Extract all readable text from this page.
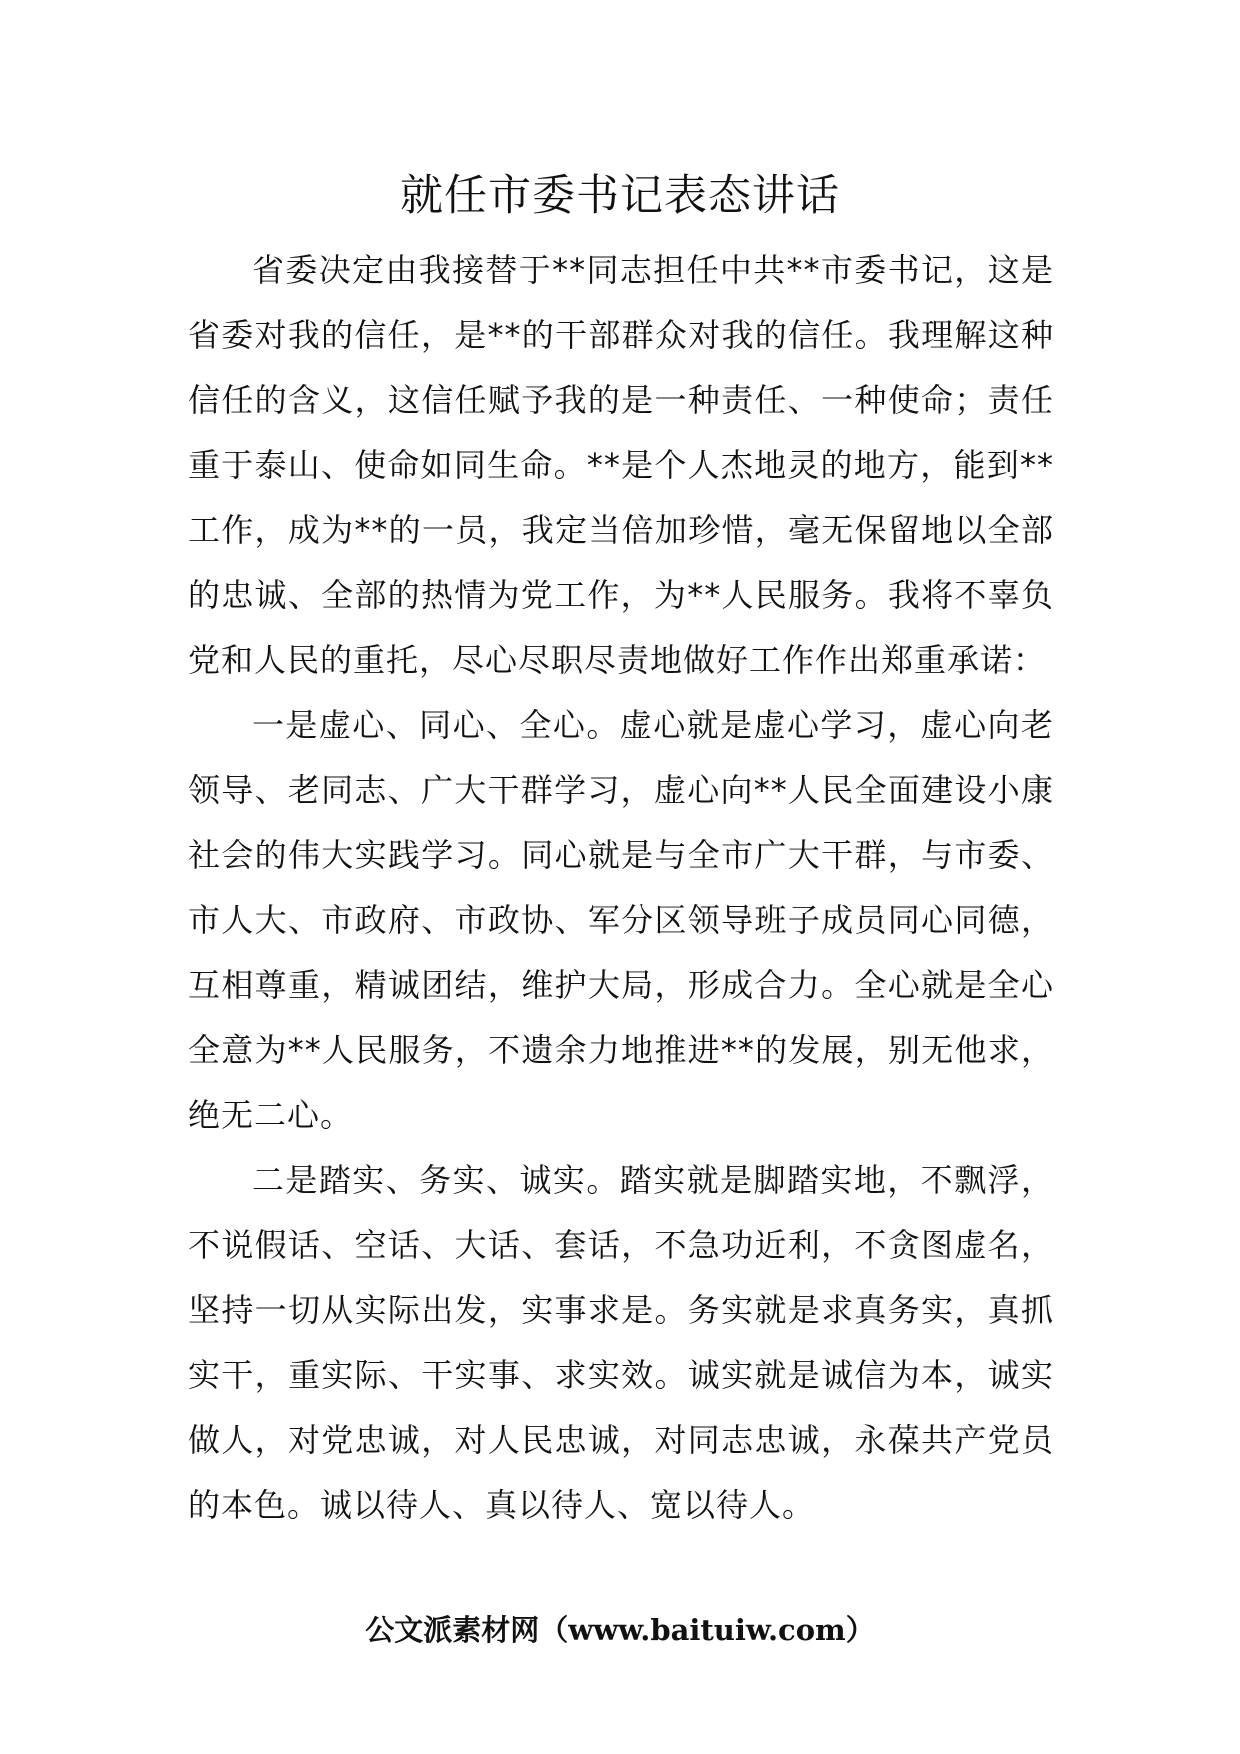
就任市委书记表态讲话

省委决定由我接替于**同志担任中共**市委书记，这是省委对我的信任，是**的干部群众对我的信任。我理解这种信任的含义，这信任赋予我的是一种责任、一种使命；责任重于泰山、使命如同生命。**是个人杰地灵的地方，能到**工作，成为**的一员，我定当倍加珍惜，毫无保留地以全部的忠诚、全部的热情为党工作，为**人民服务。我将不辜负党和人民的重托，尽心尽职尽责地做好工作作出郑重承诺：

一是虚心、同心、全心。虚心就是虚心学习，虚心向老领导、老同志、广大干群学习，虚心向**人民全面建设小康社会的伟大实践学习。同心就是与全市广大干群，与市委、市人大、市政府、市政协、军分区领导班子成员同心同德，互相尊重，精诚团结，维护大局，形成合力。全心就是全心全意为**人民服务，不遗余力地推进**的发展，别无他求，绝无二心。

二是踏实、务实、诚实。踏实就是脚踏实地，不飘浮，不说假话、空话、大话、套话，不急功近利，不贪图虚名，坚持一切从实际出发，实事求是。务实就是求真务实，真抓实干，重实际、干实事、求实效。诚实就是诚信为本，诚实做人，对党忠诚，对人民忠诚，对同志忠诚，永葆共产党员的本色。诚以待人、真以待人、宽以待人。

公文派素材网（www.baituiw.com）
